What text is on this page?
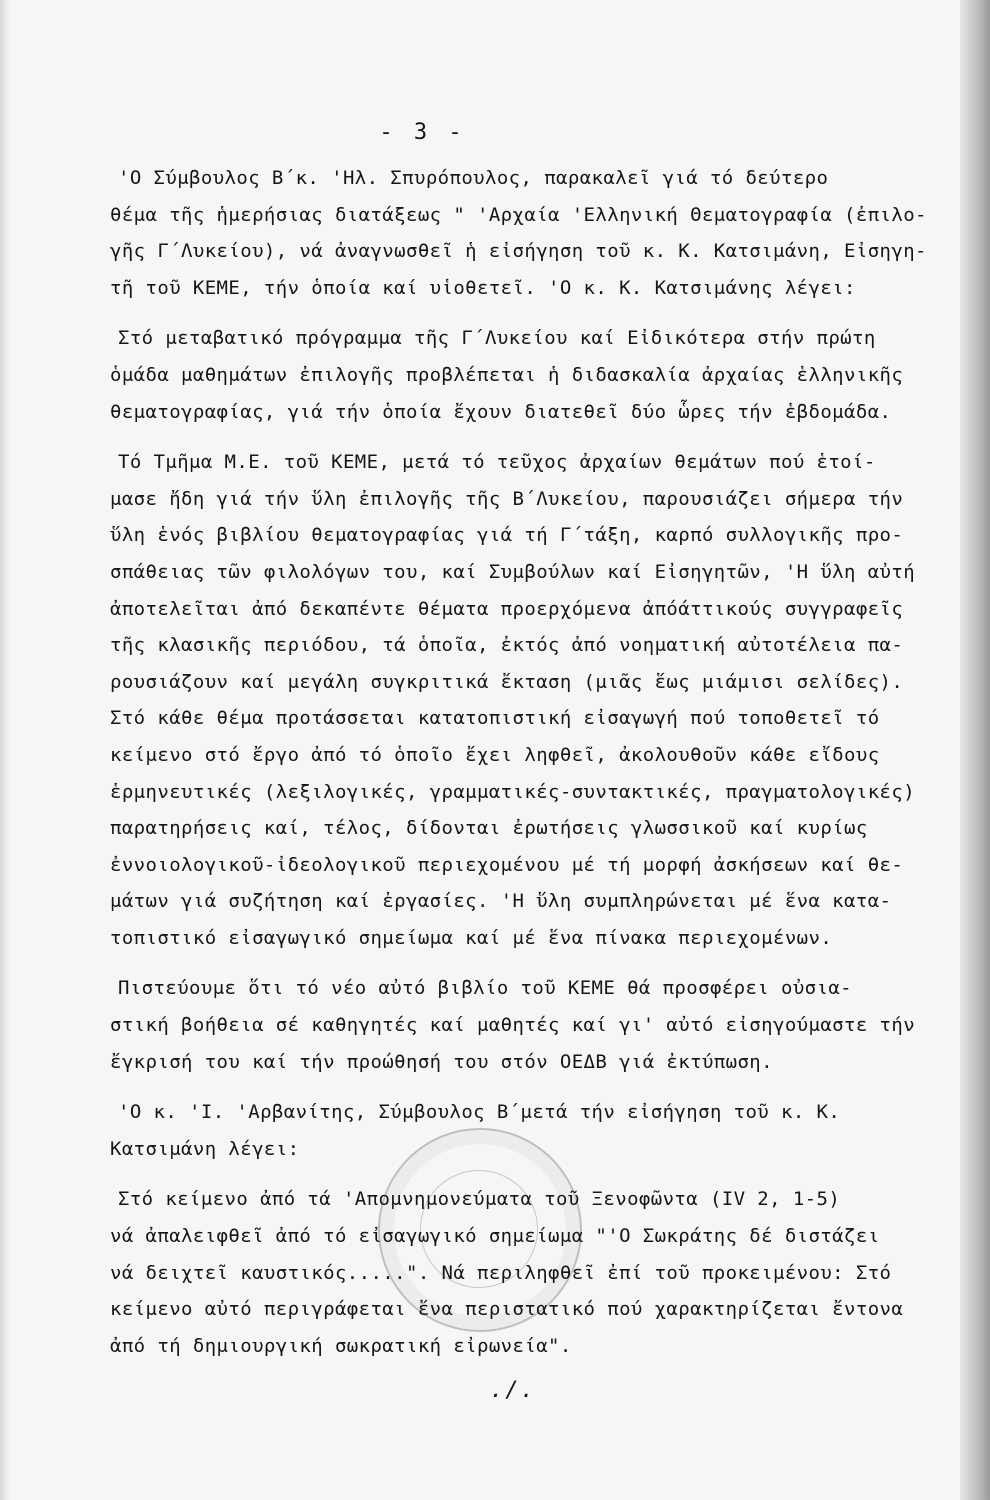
- 3 -

'Ο Σύμβουλος Β΄κ. 'Ηλ. Σπυρόπουλος, παρακαλεῖ γιά τό δεύτερο
θέμα τῆς ἡμερήσιας διατάξεως " 'Αρχαία 'Ελληνική Θεματογραφία (ἐπιλο-
γῆς Γ΄Λυκείου), νά ἀναγνωσθεῖ ἡ εἰσήγηση τοῦ κ. Κ. Κατσιμάνη, Εἰσηγη-
τῆ τοῦ ΚΕΜΕ, τήν ὁποία καί υἱοθετεῖ. 'Ο κ. Κ. Κατσιμάνης λέγει:

Στό μεταβατικό πρόγραμμα τῆς Γ΄Λυκείου καί Εἰδικότερα στήν πρώτη
ὁμάδα μαθημάτων ἐπιλογῆς προβλέπεται ἡ διδασκαλία ἀρχαίας ἑλληνικῆς
θεματογραφίας, γιά τήν ὁποία ἔχουν διατεθεῖ δύο ὧρες τήν ἑβδομάδα.

Τό Τμῆμα Μ.Ε. τοῦ ΚΕΜΕ, μετά τό τεῦχος ἀρχαίων θεμάτων πού ἑτοί-
μασε ἤδη γιά τήν ὕλη ἐπιλογῆς τῆς Β΄Λυκείου, παρουσιάζει σήμερα τήν
ὕλη ἑνός βιβλίου θεματογραφίας γιά τή Γ΄τάξη, καρπό συλλογικῆς προ-
σπάθειας τῶν φιλολόγων του, καί Συμβούλων καί Εἰσηγητῶν, 'Η ὕλη αὐτή
ἀποτελεῖται ἀπό δεκαπέντε θέματα προερχόμενα ἀπόάττικούς συγγραφεῖς
τῆς κλασικῆς περιόδου, τά ὁποῖα, ἐκτός ἀπό νοηματική αὐτοτέλεια πα-
ρουσιάζουν καί μεγάλη συγκριτικά ἔκταση (μιᾶς ἕως μιάμισι σελίδες).
Στό κάθε θέμα προτάσσεται κατατοπιστική εἰσαγωγή πού τοποθετεῖ τό
κείμενο στό ἔργο ἀπό τό ὁποῖο ἔχει ληφθεῖ, ἀκολουθοῦν κάθε εἴδους
ἑρμηνευτικές (λεξιλογικές, γραμματικές-συντακτικές, πραγματολογικές)
παρατηρήσεις καί, τέλος, δίδονται ἐρωτήσεις γλωσσικοῦ καί κυρίως
ἐννοιολογικοῦ-ἰδεολογικοῦ περιεχομένου μέ τή μορφή ἀσκήσεων καί θε-
μάτων γιά συζήτηση καί ἐργασίες. 'Η ὕλη συμπληρώνεται μέ ἕνα κατα-
τοπιστικό εἰσαγωγικό σημείωμα καί μέ ἕνα πίνακα περιεχομένων.

Πιστεύουμε ὅτι τό νέο αὐτό βιβλίο τοῦ ΚΕΜΕ θά προσφέρει οὐσια-
στική βοήθεια σέ καθηγητές καί μαθητές καί γι' αὐτό εἰσηγούμαστε τήν
ἔγκρισή του καί τήν προώθησή του στόν ΟΕΔΒ γιά ἐκτύπωση.

'Ο κ. 'Ι. 'Αρβανίτης, Σύμβουλος Β΄μετά τήν εἰσήγηση τοῦ κ. Κ.
Κατσιμάνη λέγει:

Στό κείμενο ἀπό τά 'Απομνημονεύματα τοῦ Ξενοφῶντα (IV 2, 1-5)
νά ἀπαλειφθεῖ ἀπό τό εἰσαγωγικό σημείωμα "'Ο Σωκράτης δέ διστάζει
νά δειχτεῖ καυστικός.....". Νά περιληφθεῖ ἐπί τοῦ προκειμένου: Στό
κείμενο αὐτό περιγράφεται ἕνα περιστατικό πού χαρακτηρίζεται ἔντονα
ἀπό τή δημιουργική σωκρατική εἰρωνεία".

./.
